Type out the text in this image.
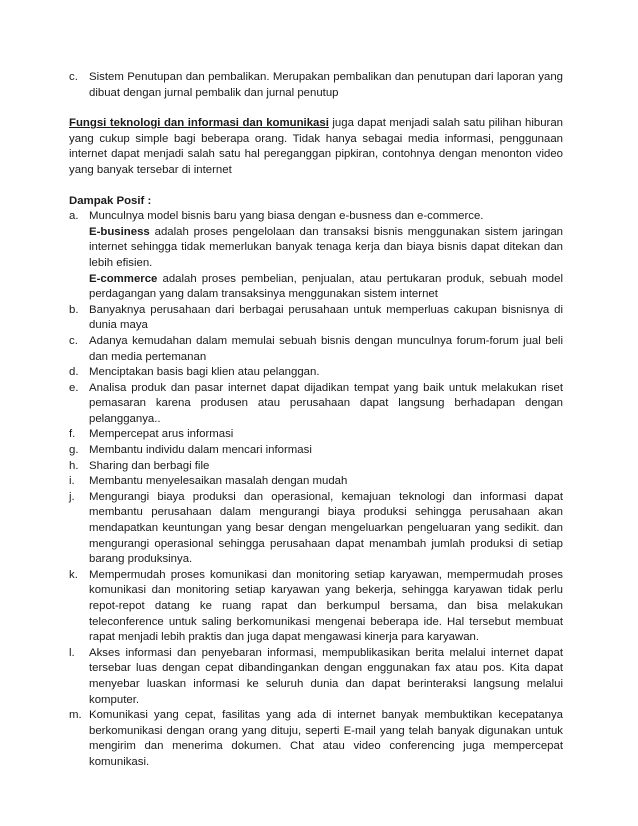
c. Sistem Penutupan dan pembalikan. Merupakan pembalikan dan penutupan dari laporan yang dibuat dengan jurnal pembalik dan jurnal penutup
Fungsi teknologi dan informasi dan komunikasi juga dapat menjadi salah satu pilihan hiburan yang cukup simple bagi beberapa orang. Tidak hanya sebagai media informasi, penggunaan internet dapat menjadi salah satu hal pereganggan pipkiran, contohnya dengan menonton video yang banyak tersebar di internet
Dampak Posif :
a. Munculnya model bisnis baru yang biasa dengan e-busness dan e-commerce.
E-business adalah proses pengelolaan dan transaksi bisnis menggunakan sistem jaringan internet sehingga tidak memerlukan banyak tenaga kerja dan biaya bisnis dapat ditekan dan lebih efisien.
E-commerce adalah proses pembelian, penjualan, atau pertukaran produk, sebuah model perdagangan yang dalam transaksinya menggunakan sistem internet
b. Banyaknya perusahaan dari berbagai perusahaan untuk memperluas cakupan bisnisnya di dunia maya
c. Adanya kemudahan dalam memulai sebuah bisnis dengan munculnya forum-forum jual beli dan media pertemanan
d. Menciptakan basis bagi klien atau pelanggan.
e. Analisa produk dan pasar internet dapat dijadikan tempat yang baik untuk melakukan riset pemasaran karena produsen atau perusahaan dapat langsung berhadapan dengan pelangganya..
f.	Mempercepat arus informasi
g. Membantu individu dalam mencari informasi
h. Sharing dan berbagi file
i.	Membantu menyelesaikan masalah dengan mudah
j.	Mengurangi biaya produksi dan operasional, kemajuan teknologi dan informasi dapat membantu perusahaan dalam mengurangi biaya produksi sehingga perusahaan akan mendapatkan keuntungan yang besar dengan mengeluarkan pengeluaran yang sedikit. dan mengurangi operasional sehingga perusahaan dapat menambah jumlah produksi di setiap barang produksinya.
k. Mempermudah proses komunikasi dan monitoring setiap karyawan, mempermudah proses komunikasi dan monitoring setiap karyawan yang bekerja, sehingga karyawan tidak perlu repot-repot datang ke ruang rapat dan berkumpul bersama, dan bisa melakukan teleconference untuk saling berkomunikasi mengenai beberapa ide. Hal tersebut membuat rapat menjadi lebih praktis dan juga dapat mengawasi kinerja para karyawan.
l.	Akses informasi dan penyebaran informasi, mempublikasikan berita melalui internet dapat tersebar luas dengan cepat dibandingankan dengan enggunakan fax atau pos. Kita dapat menyebar luaskan informasi ke seluruh dunia dan dapat berinteraksi langsung melalui komputer.
m. Komunikasi yang cepat, fasilitas yang ada di internet banyak membuktikan kecepatanya berkomunikasi dengan orang yang dituju, seperti E-mail yang telah banyak digunakan untuk mengirim dan menerima dokumen. Chat atau video conferencing juga mempercepat komunikasi.
